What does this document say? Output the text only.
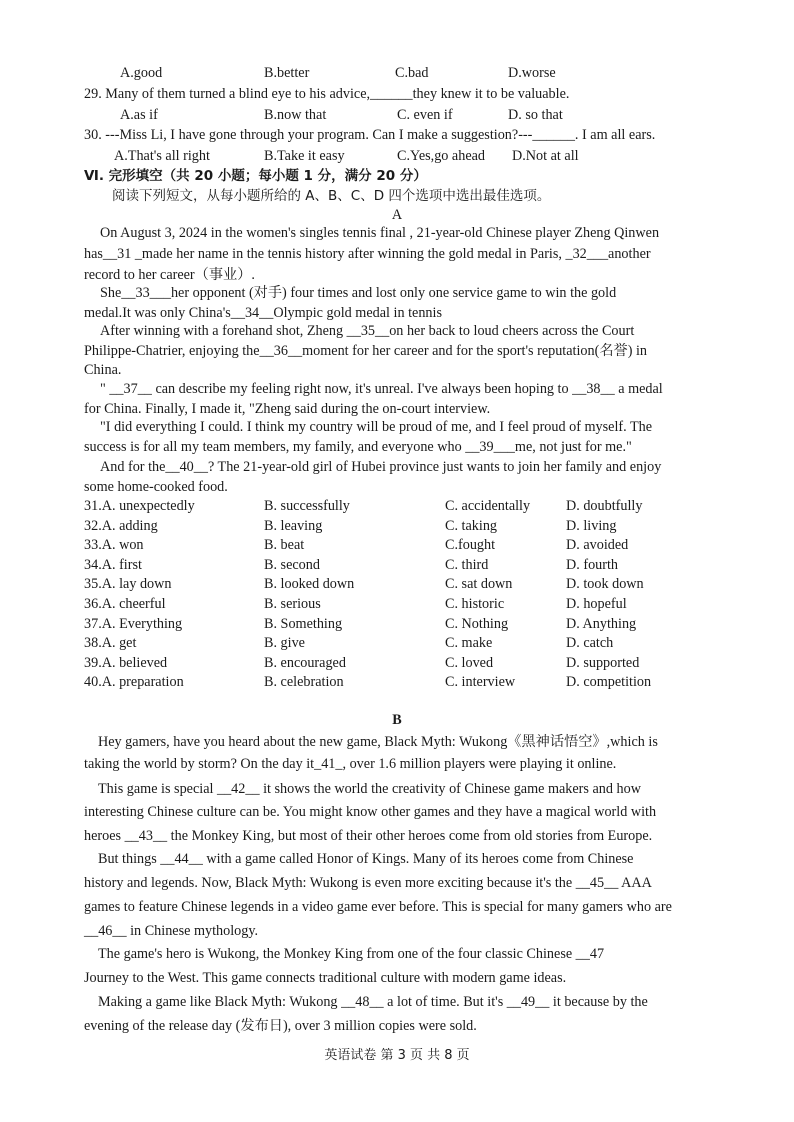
A.good	B.better	C.bad	D.worse
29. Many of them turned a blind eye to his advice,______they knew it to be valuable.
A.as if	B.now that	C. even if	D. so that
30. ---Miss Li, I have gone through your program. Can I make a suggestion?---______. I am all ears.
A.That's all right	B.Take it easy	C.Yes,go ahead D.Not at all
Ⅵ. 完形填空（共 20 小题；每小题 1 分，满分 20 分）
阅读下列短文，从每小题所给的 A、B、C、D 四个选项中选出最佳选项。
A
On August 3, 2024 in the women's singles tennis final , 21-year-old Chinese player Zheng Qinwen
has__31 _made her name in the tennis history after winning the gold medal in Paris, _32___another
record to her career（事业）.
She__33___her opponent (对手) four times and lost only one service game to win the gold
medal.It was only China's__34__Olympic gold medal in tennis
After winning with a forehand shot, Zheng __35__on her back to loud cheers across the Court
Philippe-Chatrier, enjoying the__36__moment for her career and for the sport's reputation(名誉) in
China.
" __37__ can describe my feeling right now, it's unreal. I've always been hoping to __38__ a medal
for China. Finally, I made it, "Zheng said during the on-court interview.
"I did everything I could. I think my country will be proud of me, and I feel proud of myself. The
success is for all my team members, my family, and everyone who __39___me, not just for me."
And for the__40__? The 21-year-old girl of Hubei province just wants to join her family and enjoy
some home-cooked food.
31.A. unexpectedly	B. successfully	C. accidentally	D. doubtfully
32.A. adding	B. leaving	C. taking	D. living
33.A. won	B. beat	C.fought	D. avoided
34.A. first	B. second	C. third	D. fourth
35.A. lay down	B. looked down	C. sat down	D. took down
36.A. cheerful	B. serious	C. historic	D. hopeful
37.A. Everything	B. Something	C. Nothing	D. Anything
38.A. get	B. give	C. make	D. catch
39.A. believed	B. encouraged	C. loved	D. supported
40.A. preparation	B. celebration	C. interview	D. competition
B
Hey gamers, have you heard about the new game, Black Myth: Wukong《黑神话悟空》,which is
taking the world by storm? On the day it_41_, over 1.6 million players were playing it online.
This game is special __42__ it shows the world the creativity of Chinese game makers and how
interesting Chinese culture can be. You might know other games and they have a magical world with
heroes __43__ the Monkey King, but most of their other heroes come from old stories from Europe.
But things __44__ with a game called Honor of Kings. Many of its heroes come from Chinese
history and legends. Now, Black Myth: Wukong is even more exciting because it's the __45__ AAA
games to feature Chinese legends in a video game ever before. This is special for many gamers who are
__46__ in Chinese mythology.
The game's hero is Wukong, the Monkey King from one of the four classic Chinese __47
Journey to the West. This game connects traditional culture with modern game ideas.
Making a game like Black Myth: Wukong __48__ a lot of time. But it's __49__ it because by the
evening of the release day (发布日), over 3 million copies were sold.
英语试卷 第 3 页 共 8 页
